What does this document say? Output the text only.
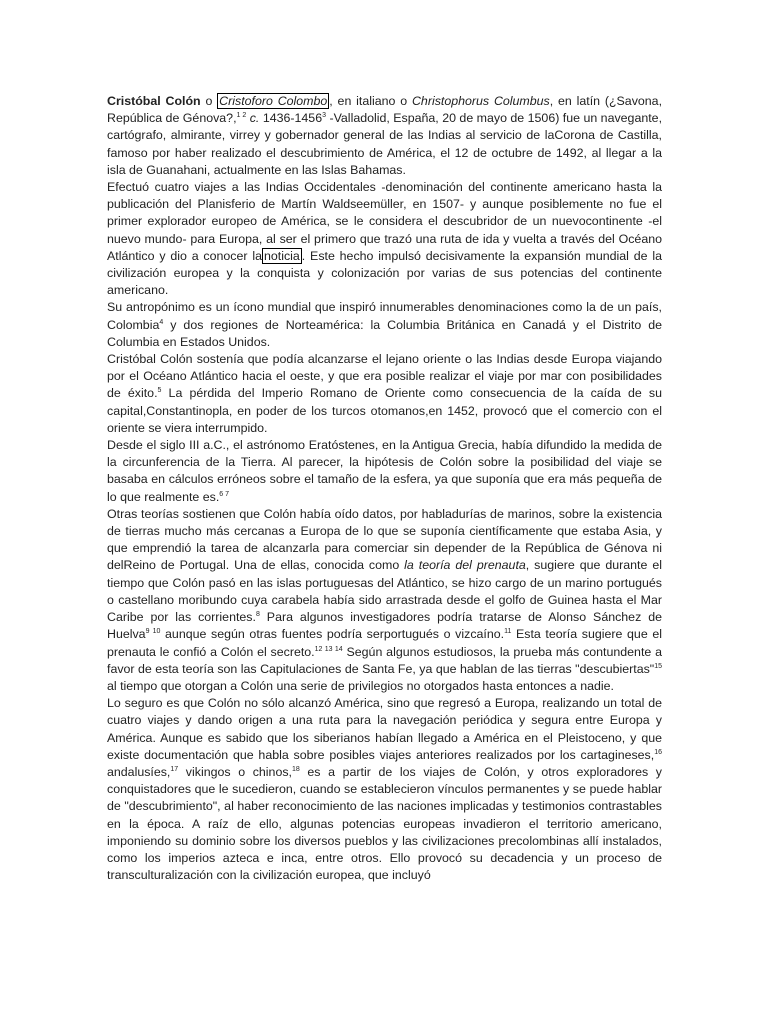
Cristóbal Colón o Cristoforo Colombo , en italiano o Christophorus Columbus, en latín (¿Savona, República de Génova?,$^{1 2}$ c. 1436-1456$^3$ -Valladolid, España, 20 de mayo de 1506) fue un navegante, cartógrafo, almirante, virrey y gobernador general de las Indias al servicio de laCorona de Castilla, famoso por haber realizado el descubrimiento de América, el 12 de octubre de 1492, al llegar a la isla de Guanahani, actualmente en las Islas Bahamas.

Efectuó cuatro viajes a las Indias Occidentales -denominación del continente americano hasta la publicación del Planisferio de Martín Waldseemüller, en 1507- y aunque posiblemente no fue el primer explorador europeo de América, se le considera el descubridor de un nuevocontinente -el nuevo mundo- para Europa, al ser el primero que trazó una ruta de ida y vuelta a través del Océano Atlántico y dio a conocer la noticia . Este hecho impulsó decisivamente la expansión mundial de la civilización europea y la conquista y colonización por varias de sus potencias del continente americano.

Su antropónimo es un ícono mundial que inspiró innumerables denominaciones como la de un país, Colombia$^4$ y dos regiones de Norteamérica: la Columbia Británica en Canadá y el Distrito de Columbia en Estados Unidos.

Cristóbal Colón sostenía que podía alcanzarse el lejano oriente o las Indias desde Europa viajando por el Océano Atlántico hacia el oeste, y que era posible realizar el viaje por mar con posibilidades de éxito.$^5$ La pérdida del Imperio Romano de Oriente como consecuencia de la caída de su capital,Constantinopla, en poder de los turcos otomanos,en 1452, provocó que el comercio con el oriente se viera interrumpido.

Desde el siglo III a.C., el astrónomo Eratóstenes, en la Antigua Grecia, había difundido la medida de la circunferencia de la Tierra. Al parecer, la hipótesis de Colón sobre la posibilidad del viaje se basaba en cálculos erróneos sobre el tamaño de la esfera, ya que suponía que era más pequeña de lo que realmente es.$^{6 7}$

Otras teorías sostienen que Colón había oído datos, por habladurías de marinos, sobre la existencia de tierras mucho más cercanas a Europa de lo que se suponía científicamente que estaba Asia, y que emprendió la tarea de alcanzarla para comerciar sin depender de la República de Génova ni delReino de Portugal. Una de ellas, conocida como la teoría del prenauta, sugiere que durante el tiempo que Colón pasó en las islas portuguesas del Atlántico, se hizo cargo de un marino portugués o castellano moribundo cuya carabela había sido arrastrada desde el golfo de Guinea hasta el Mar Caribe por las corrientes.$^8$ Para algunos investigadores podría tratarse de Alonso Sánchez de Huelva$^{9 10}$ aunque según otras fuentes podría serportugués o vizcaíno.$^{11}$ Esta teoría sugiere que el prenauta le confió a Colón el secreto.$^{12 13 14}$ Según algunos estudiosos, la prueba más contundente a favor de esta teoría son las Capitulaciones de Santa Fe, ya que hablan de las tierras "descubiertas"$^{15}$ al tiempo que otorgan a Colón una serie de privilegios no otorgados hasta entonces a nadie.

Lo seguro es que Colón no sólo alcanzó América, sino que regresó a Europa, realizando un total de cuatro viajes y dando origen a una ruta para la navegación periódica y segura entre Europa y América. Aunque es sabido que los siberianos habían llegado a América en el Pleistoceno, y que existe documentación que habla sobre posibles viajes anteriores realizados por los cartagineses,$^{16}$ andalusíes,$^{17}$ vikingos o chinos,$^{18}$ es a partir de los viajes de Colón, y otros exploradores y conquistadores que le sucedieron, cuando se establecieron vínculos permanentes y se puede hablar de "descubrimiento", al haber reconocimiento de las naciones implicadas y testimonios contrastables en la época. A raíz de ello, algunas potencias europeas invadieron el territorio americano, imponiendo su dominio sobre los diversos pueblos y las civilizaciones precolombinas allí instalados, como los imperios azteca e inca, entre otros. Ello provocó su decadencia y un proceso de transculturalización con la civilización europea, que incluyó
